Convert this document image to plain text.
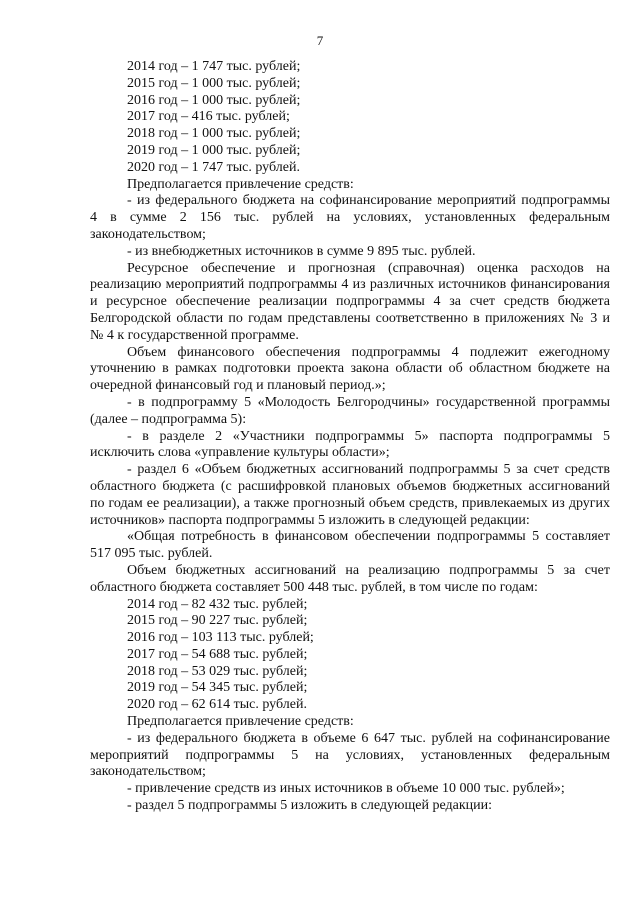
7
2014 год – 1 747 тыс. рублей;
2015 год – 1 000 тыс. рублей;
2016 год – 1 000 тыс. рублей;
2017 год – 416 тыс. рублей;
2018 год – 1 000 тыс. рублей;
2019 год – 1 000 тыс. рублей;
2020 год – 1 747 тыс. рублей.
Предполагается привлечение средств:
- из федерального бюджета на софинансирование мероприятий подпрограммы
4 в сумме 2 156 тыс. рублей на условиях, установленных федеральным
законодательством;
- из внебюджетных источников в сумме 9 895 тыс. рублей.
Ресурсное обеспечение и прогнозная (справочная) оценка расходов на
реализацию мероприятий подпрограммы 4 из различных источников финансирования
и ресурсное обеспечение реализации подпрограммы 4 за счет средств бюджета
Белгородской области по годам представлены соответственно в приложениях № 3 и
№ 4 к государственной программе.
Объем финансового обеспечения подпрограммы 4 подлежит ежегодному
уточнению в рамках подготовки проекта закона области об областном бюджете на
очередной финансовый год и плановый период.»;
- в подпрограмму 5 «Молодость Белгородчины» государственной программы
(далее – подпрограмма 5):
- в разделе 2 «Участники подпрограммы 5» паспорта подпрограммы 5
исключить слова «управление культуры области»;
- раздел 6 «Объем бюджетных ассигнований подпрограммы 5 за счет средств
областного бюджета (с расшифровкой плановых объемов бюджетных ассигнований
по годам ее реализации), а также прогнозный объем средств, привлекаемых из других
источников» паспорта подпрограммы 5 изложить в следующей редакции:
«Общая потребность в финансовом обеспечении подпрограммы 5 составляет
517 095 тыс. рублей.
Объем бюджетных ассигнований на реализацию подпрограммы 5 за счет
областного бюджета составляет 500 448 тыс. рублей, в том числе по годам:
2014 год – 82 432 тыс. рублей;
2015 год – 90 227 тыс. рублей;
2016 год – 103 113 тыс. рублей;
2017 год – 54 688 тыс. рублей;
2018 год – 53 029 тыс. рублей;
2019 год – 54 345 тыс. рублей;
2020 год – 62 614 тыс. рублей.
Предполагается привлечение средств:
- из федерального бюджета в объеме 6 647 тыс. рублей на софинансирование
мероприятий подпрограммы 5 на условиях, установленных федеральным
законодательством;
- привлечение средств из иных источников в объеме 10 000 тыс. рублей»;
- раздел 5 подпрограммы 5 изложить в следующей редакции:
